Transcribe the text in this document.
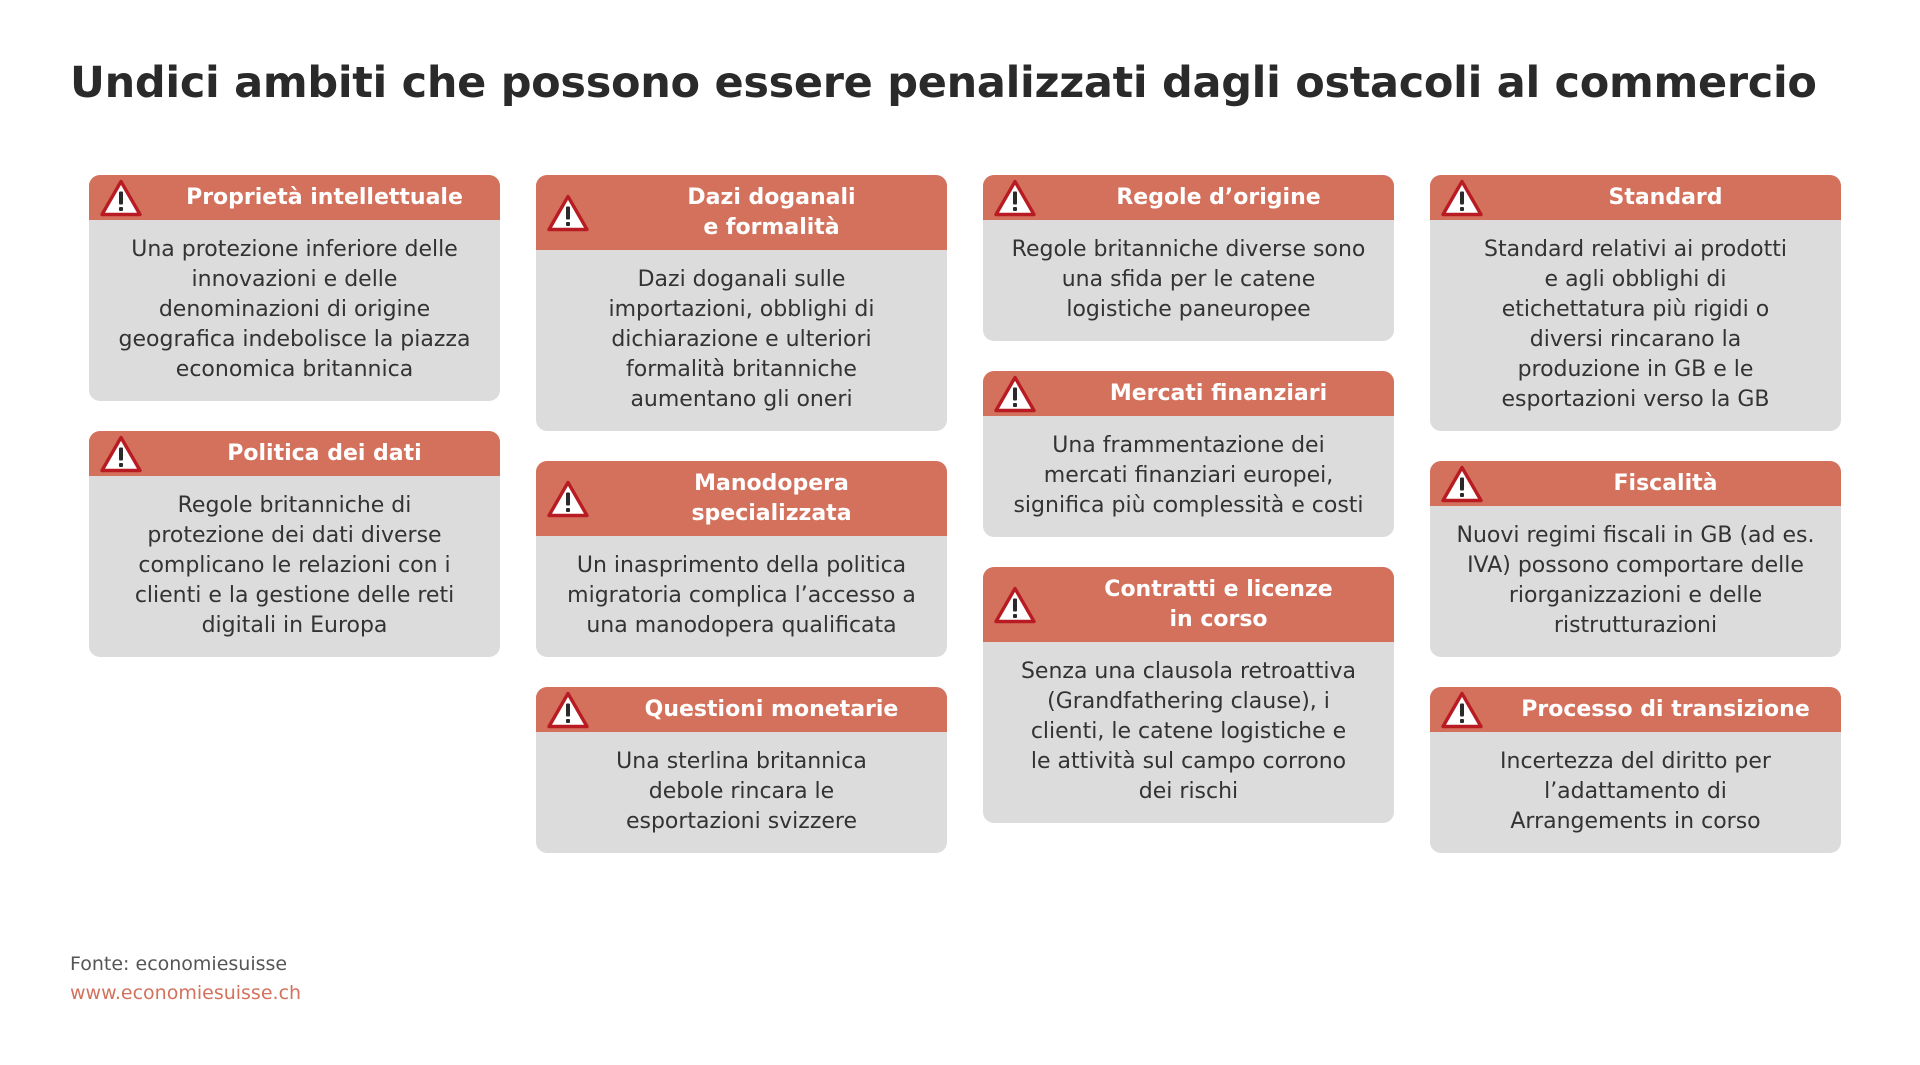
Undici ambiti che possono essere penalizzati dagli ostacoli al commercio
Proprietà intellettuale
Una protezione inferiore delle
innovazioni e delle
denominazioni di origine
geografica indebolisce la piazza
economica britannica
Politica dei dati
Regole britanniche di
protezione dei dati diverse
complicano le relazioni con i
clienti e la gestione delle reti
digitali in Europa
Dazi doganali
e formalità
Dazi doganali sulle
importazioni, obblighi di
dichiarazione e ulteriori
formalità britanniche
aumentano gli oneri
Manodopera specializzata
Un inasprimento della politica
migratoria complica l’accesso a
una manodopera qualificata
Questioni monetarie
Una sterlina britannica
debole rincara le
esportazioni svizzere
Regole d’origine
Regole britanniche diverse sono
una sfida per le catene
logistiche paneuropee
Mercati finanziari
Una frammentazione dei
mercati finanziari europei,
significa più complessità e costi
Contratti e licenze
in corso
Senza una clausola retroattiva
(Grandfathering clause), i
clienti, le catene logistiche e
le attività sul campo corrono
dei rischi
Standard
Standard relativi ai prodotti
e agli obblighi di
etichettatura più rigidi o
diversi rincarano la
produzione in GB e le
esportazioni verso la GB
Fiscalità
Nuovi regimi fiscali in GB (ad es.
IVA) possono comportare delle
riorganizzazioni e delle
ristrutturazioni
Processo di transizione
Incertezza del diritto per
l’adattamento di
Arrangements in corso
Fonte: economiesuisse
www.economiesuisse.ch
